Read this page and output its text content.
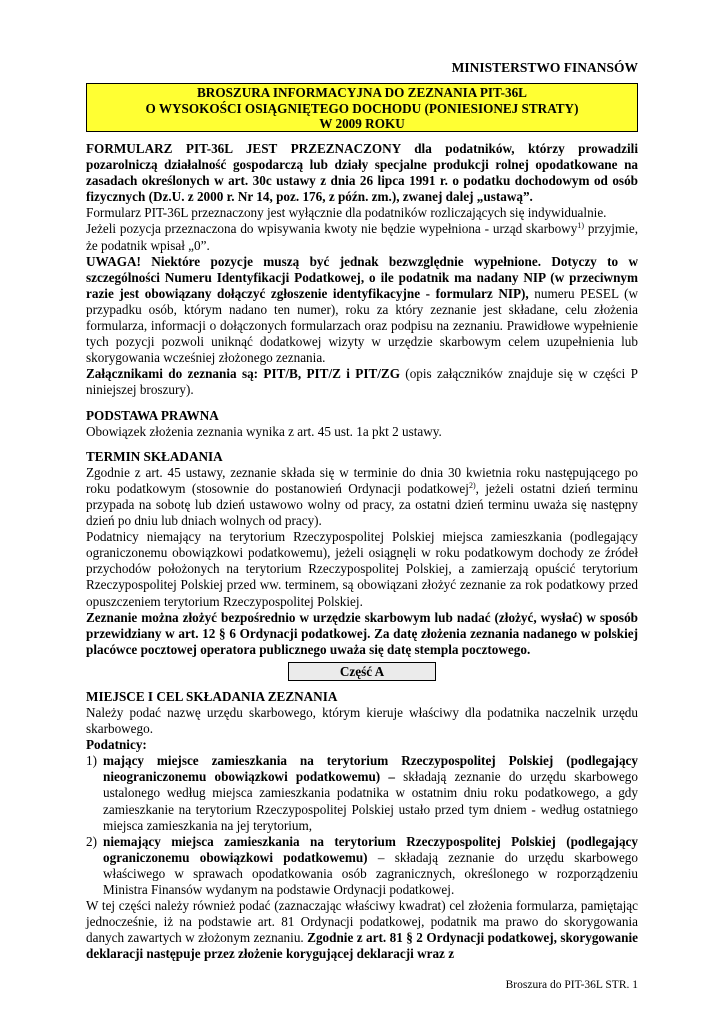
MINISTERSTWO FINANSÓW
BROSZURA INFORMACYJNA DO ZEZNANIA PIT-36L
O WYSOKOŚCI OSIĄGNIĘTEGO DOCHODU (PONIESIONEJ STRATY)
W 2009 ROKU

FORMULARZ PIT-36L JEST PRZEZNACZONY dla podatników, którzy prowadzili pozarolniczą działalność gospodarczą lub działy specjalne produkcji rolnej opodatkowane na zasadach określonych w art. 30c ustawy z dnia 26 lipca 1991 r. o podatku dochodowym od osób fizycznych (Dz.U. z 2000 r. Nr 14, poz. 176, z późn. zm.), zwanej dalej „ustawą”.

Formularz PIT-36L przeznaczony jest wyłącznie dla podatników rozliczających się indywidualnie.

Jeżeli pozycja przeznaczona do wpisywania kwoty nie będzie wypełniona - urząd skarbowy$^{1)}$ przyjmie, że podatnik wpisał „0”.

UWAGA! Niektóre pozycje muszą być jednak bezwzględnie wypełnione. Dotyczy to w szczególności Numeru Identyfikacji Podatkowej, o ile podatnik ma nadany NIP (w przeciwnym razie jest obowiązany dołączyć zgłoszenie identyfikacyjne - formularz NIP), numeru PESEL (w przypadku osób, którym nadano ten numer), roku za który zeznanie jest składane, celu złożenia formularza, informacji o dołączonych formularzach oraz podpisu na zeznaniu. Prawidłowe wypełnienie tych pozycji pozwoli uniknąć dodatkowej wizyty w urzędzie skarbowym celem uzupełnienia lub skorygowania wcześniej złożonego zeznania.

Załącznikami do zeznania są: PIT/B, PIT/Z i PIT/ZG (opis załączników znajduje się w części P niniejszej broszury).

PODSTAWA PRAWNA

Obowiązek złożenia zeznania wynika z art. 45 ust. 1a pkt 2 ustawy.

TERMIN SKŁADANIA

Zgodnie z art. 45 ustawy, zeznanie składa się w terminie do dnia 30 kwietnia roku następującego po roku podatkowym (stosownie do postanowień Ordynacji podatkowej$^{2)}$, jeżeli ostatni dzień terminu przypada na sobotę lub dzień ustawowo wolny od pracy, za ostatni dzień terminu uważa się następny dzień po dniu lub dniach wolnych od pracy).

Podatnicy niemający na terytorium Rzeczypospolitej Polskiej miejsca zamieszkania (podlegający ograniczonemu obowiązkowi podatkowemu), jeżeli osiągnęli w roku podatkowym dochody ze źródeł przychodów położonych na terytorium Rzeczypospolitej Polskiej, a zamierzają opuścić terytorium Rzeczypospolitej Polskiej przed ww. terminem, są obowiązani złożyć zeznanie za rok podatkowy przed opuszczeniem terytorium Rzeczypospolitej Polskiej.

Zeznanie można złożyć bezpośrednio w urzędzie skarbowym lub nadać (złożyć, wysłać) w sposób przewidziany w art. 12 § 6 Ordynacji podatkowej. Za datę złożenia zeznania nadanego w polskiej placówce pocztowej operatora publicznego uważa się datę stempla pocztowego.

Część A

MIEJSCE I CEL SKŁADANIA ZEZNANIA

Należy podać nazwę urzędu skarbowego, którym kieruje właściwy dla podatnika naczelnik urzędu skarbowego.

Podatnicy:

1) mający miejsce zamieszkania na terytorium Rzeczypospolitej Polskiej (podlegający nieograniczonemu obowiązkowi podatkowemu) – składają zeznanie do urzędu skarbowego ustalonego według miejsca zamieszkania podatnika w ostatnim dniu roku podatkowego, a gdy zamieszkanie na terytorium Rzeczypospolitej Polskiej ustało przed tym dniem - według ostatniego miejsca zamieszkania na jej terytorium,
2) niemający miejsca zamieszkania na terytorium Rzeczypospolitej Polskiej (podlegający ograniczonemu obowiązkowi podatkowemu) – składają zeznanie do urzędu skarbowego właściwego w sprawach opodatkowania osób zagranicznych, określonego w rozporządzeniu Ministra Finansów wydanym na podstawie Ordynacji podatkowej.

W tej części należy również podać (zaznaczając właściwy kwadrat) cel złożenia formularza, pamiętając jednocześnie, iż na podstawie art. 81 Ordynacji podatkowej, podatnik ma prawo do skorygowania danych zawartych w złożonym zeznaniu. Zgodnie z art. 81 § 2 Ordynacji podatkowej, skorygowanie deklaracji następuje przez złożenie korygującej deklaracji wraz z

Broszura do PIT-36L STR. 1
